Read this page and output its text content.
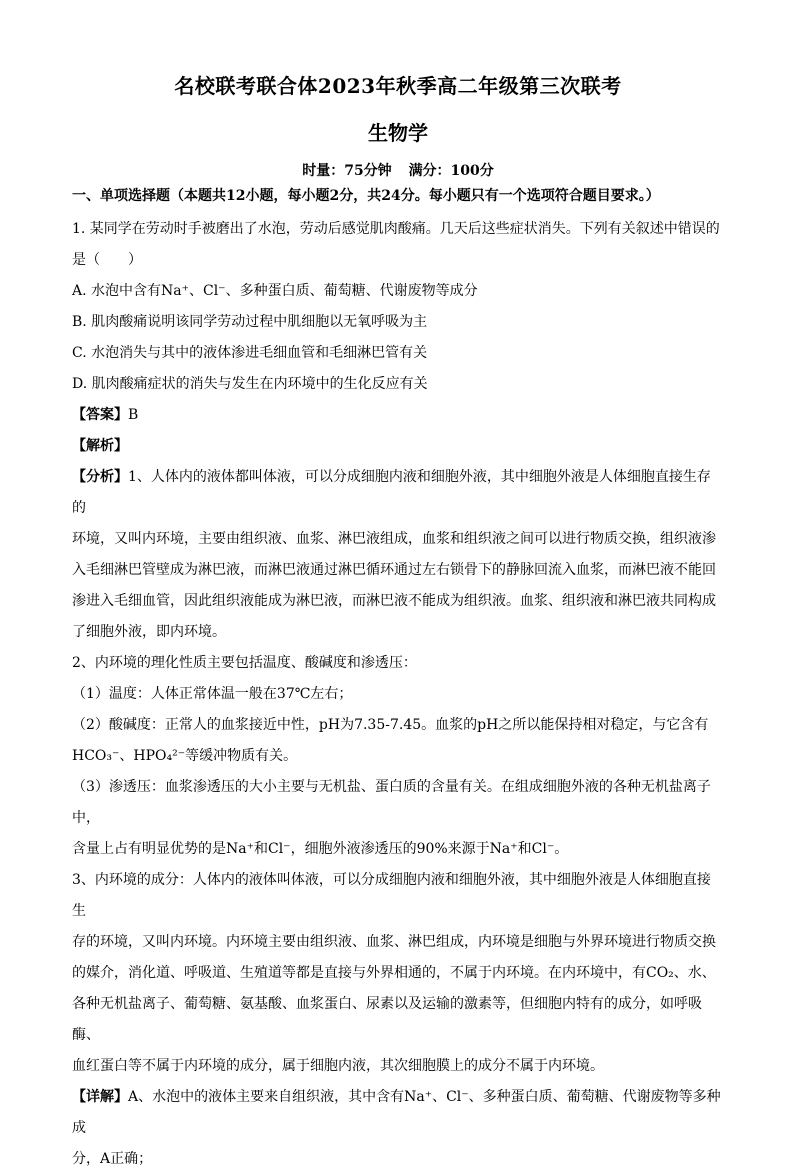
名校联考联合体2023年秋季高二年级第三次联考
生物学
时量：75分钟 满分：100分
一、单项选择题（本题共12小题，每小题2分，共24分。每小题只有一个选项符合题目要求。）

1. 某同学在劳动时手被磨出了水泡，劳动后感觉肌肉酸痛。几天后这些症状消失。下列有关叙述中错误的

是（　　）

A. 水泡中含有Na⁺、Cl⁻、多种蛋白质、葡萄糖、代谢废物等成分

B. 肌肉酸痛说明该同学劳动过程中肌细胞以无氧呼吸为主

C. 水泡消失与其中的液体渗进毛细血管和毛细淋巴管有关

D. 肌肉酸痛症状的消失与发生在内环境中的生化反应有关

【答案】B

【解析】

【分析】1、人体内的液体都叫体液，可以分成细胞内液和细胞外液，其中细胞外液是人体细胞直接生存的

环境，又叫内环境，主要由组织液、血浆、淋巴液组成，血浆和组织液之间可以进行物质交换，组织液渗

入毛细淋巴管壁成为淋巴液，而淋巴液通过淋巴循环通过左右锁骨下的静脉回流入血浆，而淋巴液不能回

渗进入毛细血管，因此组织液能成为淋巴液，而淋巴液不能成为组织液。血浆、组织液和淋巴液共同构成

了细胞外液，即内环境。

2、内环境的理化性质主要包括温度、酸碱度和渗透压：

（1）温度：人体正常体温一般在37℃左右；

（2）酸碱度：正常人的血浆接近中性，pH为7.35-7.45。血浆的pH之所以能保持相对稳定，与它含有

HCO₃⁻、HPO₄²⁻等缓冲物质有关。

（3）渗透压：血浆渗透压的大小主要与无机盐、蛋白质的含量有关。在组成细胞外液的各种无机盐离子中，

含量上占有明显优势的是Na⁺和Cl⁻，细胞外液渗透压的90%来源于Na⁺和Cl⁻。

3、内环境的成分：人体内的液体叫体液，可以分成细胞内液和细胞外液，其中细胞外液是人体细胞直接生

存的环境，又叫内环境。内环境主要由组织液、血浆、淋巴组成，内环境是细胞与外界环境进行物质交换

的媒介，消化道、呼吸道、生殖道等都是直接与外界相通的，不属于内环境。在内环境中，有CO₂、水、

各种无机盐离子、葡萄糖、氨基酸、血浆蛋白、尿素以及运输的激素等，但细胞内特有的成分，如呼吸酶、

血红蛋白等不属于内环境的成分，属于细胞内液，其次细胞膜上的成分不属于内环境。

【详解】A、水泡中的液体主要来自组织液，其中含有Na⁺、Cl⁻、多种蛋白质、葡萄糖、代谢废物等多种成

分，A正确；
